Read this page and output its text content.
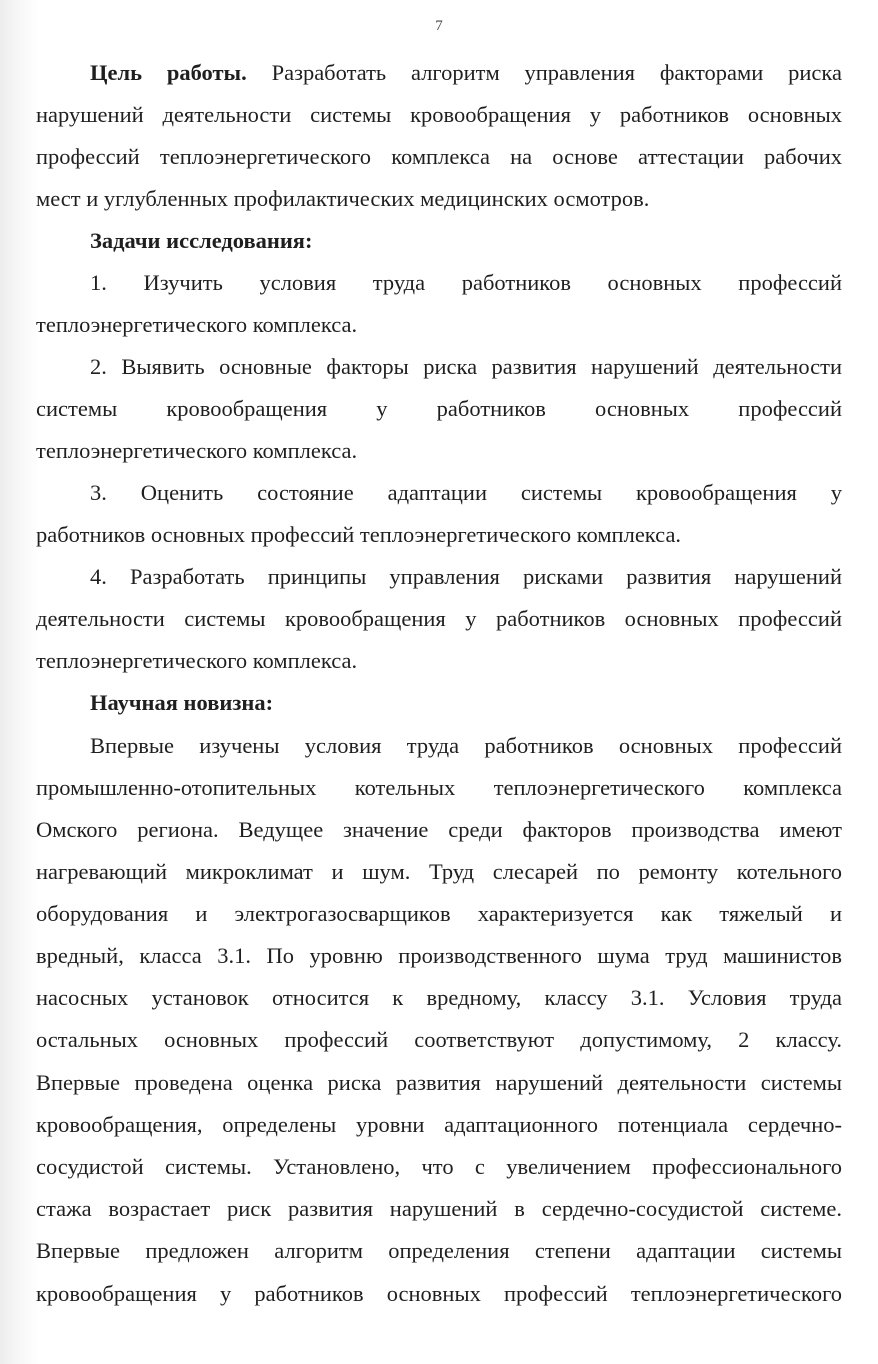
7
Цель работы. Разработать алгоритм управления факторами риска
нарушений деятельности системы кровообращения у работников основных
профессий теплоэнергетического комплекса на основе аттестации рабочих
мест и углубленных профилактических медицинских осмотров.
Задачи исследования:
1. Изучить условия труда работников основных профессий
теплоэнергетического комплекса.
2. Выявить основные факторы риска развития нарушений деятельности
системы кровообращения у работников основных профессий
теплоэнергетического комплекса.
3. Оценить состояние адаптации системы кровообращения у
работников основных профессий теплоэнергетического комплекса.
4. Разработать принципы управления рисками развития нарушений
деятельности системы кровообращения у работников основных профессий
теплоэнергетического комплекса.
Научная новизна:
Впервые изучены условия труда работников основных профессий
промышленно-отопительных котельных теплоэнергетического комплекса
Омского региона. Ведущее значение среди факторов производства имеют
нагревающий микроклимат и шум. Труд слесарей по ремонту котельного
оборудования и электрогазосварщиков характеризуется как тяжелый и
вредный, класса 3.1. По уровню производственного шума труд машинистов
насосных установок относится к вредному, классу 3.1. Условия труда
остальных основных профессий соответствуют допустимому, 2 классу.
Впервые проведена оценка риска развития нарушений деятельности системы
кровообращения, определены уровни адаптационного потенциала сердечно-
сосудистой системы. Установлено, что с увеличением профессионального
стажа возрастает риск развития нарушений в сердечно-сосудистой системе.
Впервые предложен алгоритм определения степени адаптации системы
кровообращения у работников основных профессий теплоэнергетического
